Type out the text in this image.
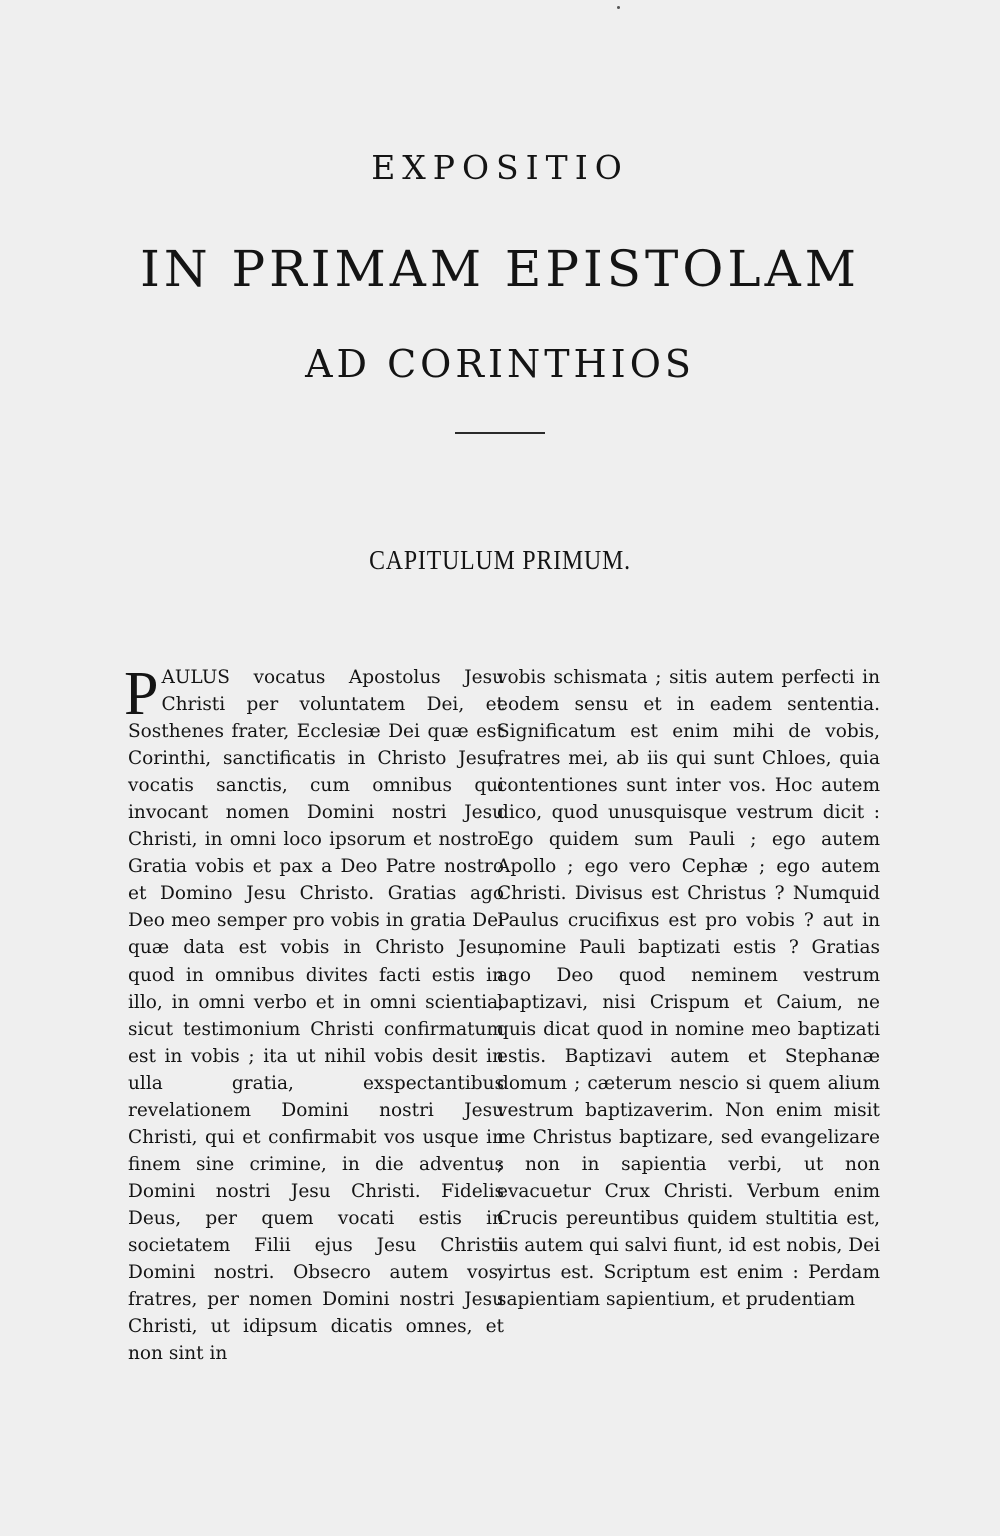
EXPOSITIO
IN PRIMAM EPISTOLAM
AD CORINTHIOS
CAPITULUM PRIMUM.
PAULUS vocatus Apostolus Jesu Christi per voluntatem Dei, et Sosthenes frater, Ecclesiæ Dei quæ est Corinthi, sanctificatis in Christo Jesu, vocatis sanctis, cum omnibus qui invocant nomen Domini nostri Jesu Christi, in omni loco ipsorum et nostro. Gratia vobis et pax a Deo Patre nostro et Domino Jesu Christo. Gratias ago Deo meo semper pro vobis in gratia Dei quæ data est vobis in Christo Jesu, quod in omnibus divites facti estis in illo, in omni verbo et in omni scientia, sicut testimonium Christi confirmatum est in vobis ; ita ut nihil vobis desit in ulla gratia, exspectantibus revelationem Domini nostri Jesu Christi, qui et confirmabit vos usque in finem sine crimine, in die adventus Domini nostri Jesu Christi. Fidelis Deus, per quem vocati estis in societatem Filii ejus Jesu Christi Domini nostri. Obsecro autem vos, fratres, per nomen Domini nostri Jesu Christi, ut idipsum dicatis omnes, et non sint in
vobis schismata ; sitis autem perfecti in eodem sensu et in eadem sententia. Significatum est enim mihi de vobis, fratres mei, ab iis qui sunt Chloes, quia contentiones sunt inter vos. Hoc autem dico, quod unusquisque vestrum dicit : Ego quidem sum Pauli ; ego autem Apollo ; ego vero Cephæ ; ego autem Christi. Divisus est Christus ? Numquid Paulus crucifixus est pro vobis ? aut in nomine Pauli baptizati estis ? Gratias ago Deo quod neminem vestrum baptizavi, nisi Crispum et Caium, ne quis dicat quod in nomine meo baptizati estis. Baptizavi autem et Stephanæ domum ; cæterum nescio si quem alium vestrum baptizaverim. Non enim misit me Christus baptizare, sed evangelizare ; non in sapientia verbi, ut non evacuetur Crux Christi. Verbum enim Crucis pereuntibus quidem stultitia est, iis autem qui salvi fiunt, id est nobis, Dei virtus est. Scriptum est enim : Perdam sapientiam sapientium, et prudentiam
